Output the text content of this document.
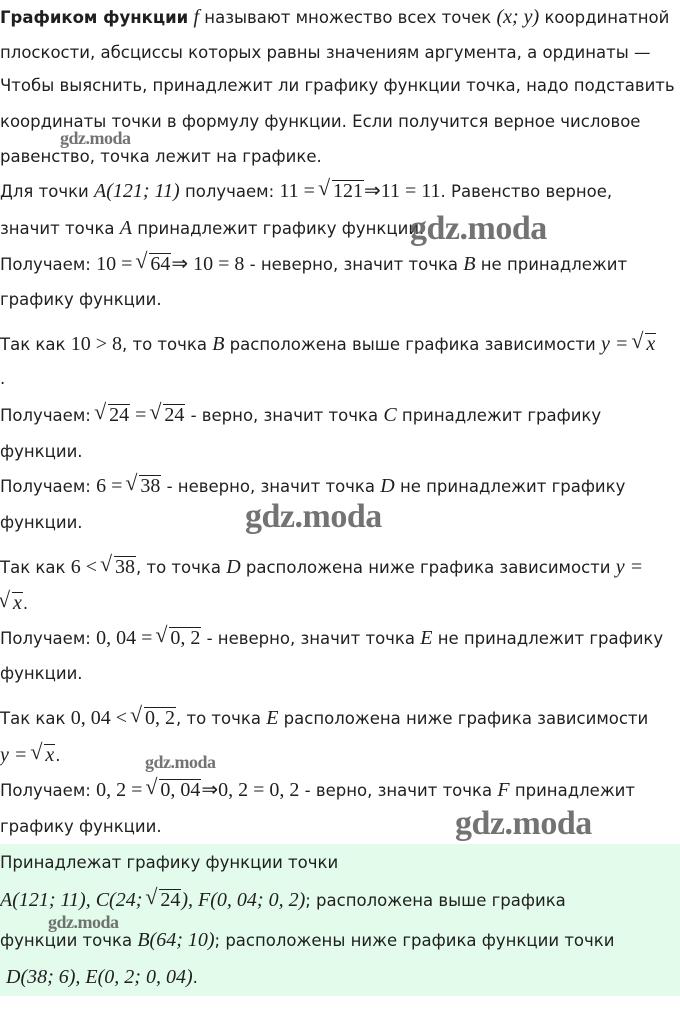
Графиком функции f называют множество всех точек (x; y) координатной
плоскости, абсциссы которых равны значениям аргумента, а ординаты —
Чтобы выяснить, принадлежит ли графику функции точка, надо подставить
координаты точки в формулу функции. Если получится верное числовое
равенство, точка лежит на графике.
Для точки A(121; 11) получаем: 11 = √ 121⇒11 = 11. Равенство верное,
значит точка A принадлежит графику функции.
Получаем: 10 = √ 64⇒ 10 = 8 - неверно, значит точка B не принадлежит
графику функции.
Так как 10 > 8, то точка B расположена выше графика зависимости y = √ x
.
Получаем: √ 24 = √ 24 - верно, значит точка C принадлежит графику
функции.
Получаем: 6 = √ 38 - неверно, значит точка D не принадлежит графику
функции.
Так как 6 < √ 38, то точка D расположена ниже графика зависимости y =
√ x.
Получаем: 0, 04 = √ 0, 2 - неверно, значит точка E не принадлежит графику
функции.
Так как 0, 04 < √ 0, 2, то точка E расположена ниже графика зависимости
y = √ x.
Получаем: 0, 2 = √ 0, 04⇒0, 2 = 0, 2 - верно, значит точка F принадлежит
графику функции.
Принадлежат графику функции точки
A(121; 11), C(24; √ 24), F(0, 04; 0, 2); расположена выше графика
функции точка B(64; 10); расположены ниже графика функции точки
D(38; 6), E(0, 2; 0, 04).
gdz.moda
gdz.moda
gdz.moda
gdz.moda
gdz.moda
gdz.moda
